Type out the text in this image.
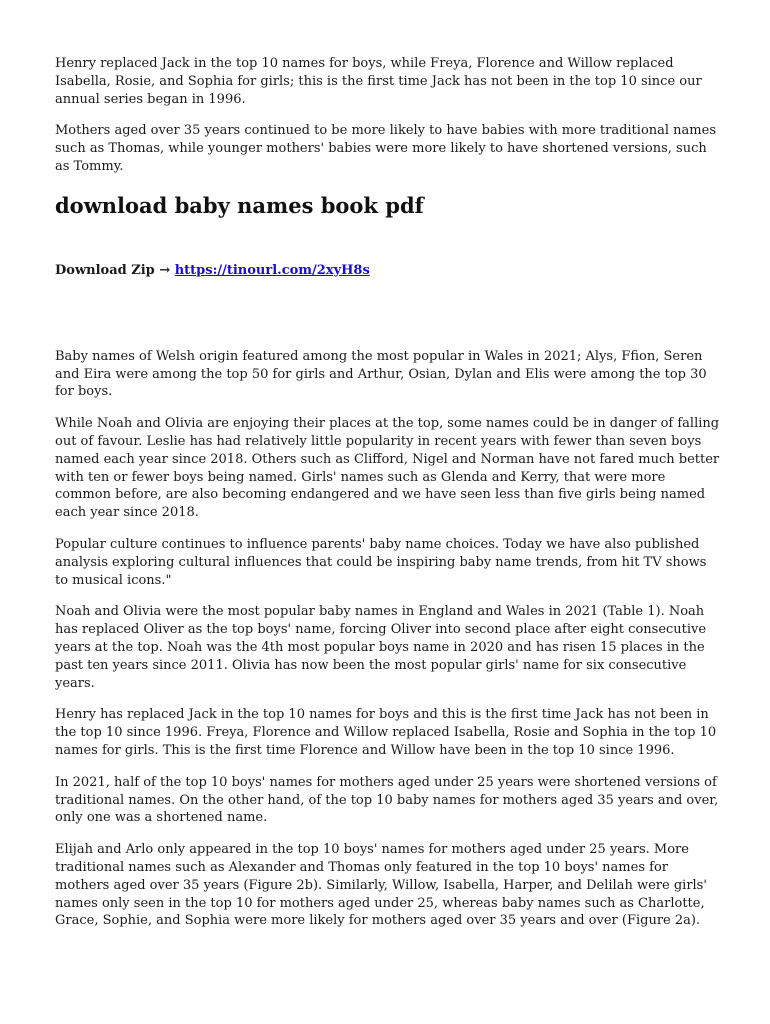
Henry replaced Jack in the top 10 names for boys, while Freya, Florence and Willow replaced Isabella, Rosie, and Sophia for girls; this is the first time Jack has not been in the top 10 since our annual series began in 1996.

Mothers aged over 35 years continued to be more likely to have babies with more traditional names such as Thomas, while younger mothers' babies were more likely to have shortened versions, such as Tommy.

download baby names book pdf
Download Zip → https://tinourl.com/2xyH8s

Baby names of Welsh origin featured among the most popular in Wales in 2021; Alys, Ffion, Seren and Eira were among the top 50 for girls and Arthur, Osian, Dylan and Elis were among the top 30 for boys.

While Noah and Olivia are enjoying their places at the top, some names could be in danger of falling out of favour. Leslie has had relatively little popularity in recent years with fewer than seven boys named each year since 2018. Others such as Clifford, Nigel and Norman have not fared much better with ten or fewer boys being named. Girls' names such as Glenda and Kerry, that were more common before, are also becoming endangered and we have seen less than five girls being named each year since 2018.

Popular culture continues to influence parents' baby name choices. Today we have also published analysis exploring cultural influences that could be inspiring baby name trends, from hit TV shows to musical icons."

Noah and Olivia were the most popular baby names in England and Wales in 2021 (Table 1). Noah has replaced Oliver as the top boys' name, forcing Oliver into second place after eight consecutive years at the top. Noah was the 4th most popular boys name in 2020 and has risen 15 places in the past ten years since 2011. Olivia has now been the most popular girls' name for six consecutive years.

Henry has replaced Jack in the top 10 names for boys and this is the first time Jack has not been in the top 10 since 1996. Freya, Florence and Willow replaced Isabella, Rosie and Sophia in the top 10 names for girls. This is the first time Florence and Willow have been in the top 10 since 1996.

In 2021, half of the top 10 boys' names for mothers aged under 25 years were shortened versions of traditional names. On the other hand, of the top 10 baby names for mothers aged 35 years and over, only one was a shortened name.

Elijah and Arlo only appeared in the top 10 boys' names for mothers aged under 25 years. More traditional names such as Alexander and Thomas only featured in the top 10 boys' names for mothers aged over 35 years (Figure 2b). Similarly, Willow, Isabella, Harper, and Delilah were girls' names only seen in the top 10 for mothers aged under 25, whereas baby names such as Charlotte, Grace, Sophie, and Sophia were more likely for mothers aged over 35 years and over (Figure 2a).
